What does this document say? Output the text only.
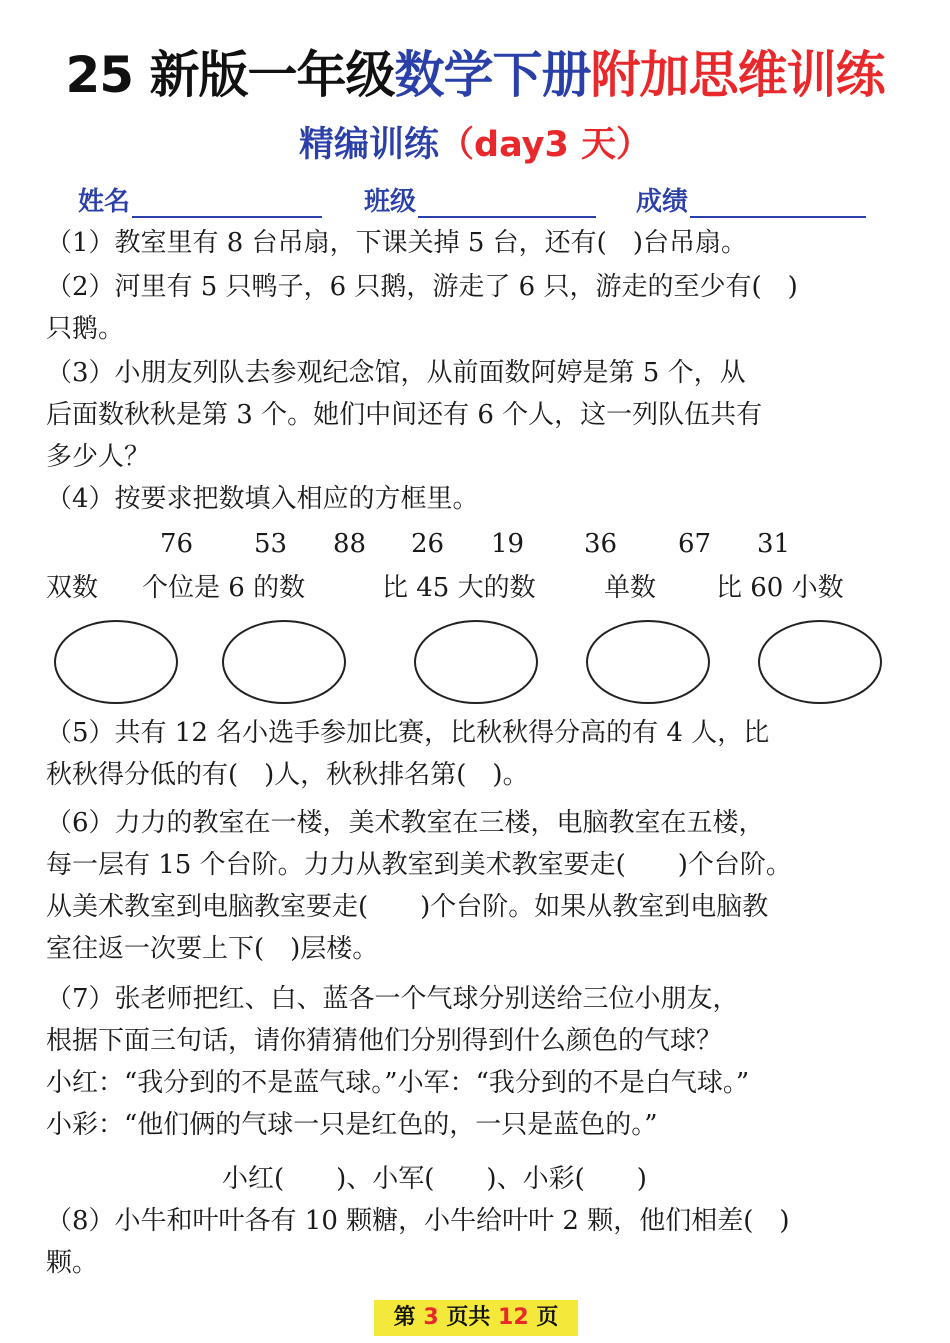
25 新版一年级数学下册附加思维训练
精编训练（day3 天）
姓名	班级	成绩
（1）教室里有 8 台吊扇，下课关掉 5 台，还有(　)台吊扇。
（2）河里有 5 只鸭子，6 只鹅，游走了 6 只，游走的至少有(　)
只鹅。
（3）小朋友列队去参观纪念馆，从前面数阿婷是第 5 个，从
后面数秋秋是第 3 个。她们中间还有 6 个人，这一列队伍共有
多少人？
（4）按要求把数填入相应的方框里。
76 53 88 26 19 36 67 31
双数 个位是 6 的数	比 45 大的数	单数 比 60 小数
（5）共有 12 名小选手参加比赛，比秋秋得分高的有 4 人，比
秋秋得分低的有(　)人，秋秋排名第(　)。
（6）力力的教室在一楼，美术教室在三楼，电脑教室在五楼，
每一层有 15 个台阶。力力从教室到美术教室要走(　　)个台阶。
从美术教室到电脑教室要走(　　)个台阶。如果从教室到电脑教
室往返一次要上下(　)层楼。
（7）张老师把红、白、蓝各一个气球分别送给三位小朋友，
根据下面三句话，请你猜猜他们分别得到什么颜色的气球？
小红：“我分到的不是蓝气球。”小军：“我分到的不是白气球。”
小彩：“他们俩的气球一只是红色的，一只是蓝色的。”
小红(　　)、小军(　　)、小彩(　　)
（8）小牛和叶叶各有 10 颗糖，小牛给叶叶 2 颗，他们相差(　)
颗。
第 3 页共 12 页
